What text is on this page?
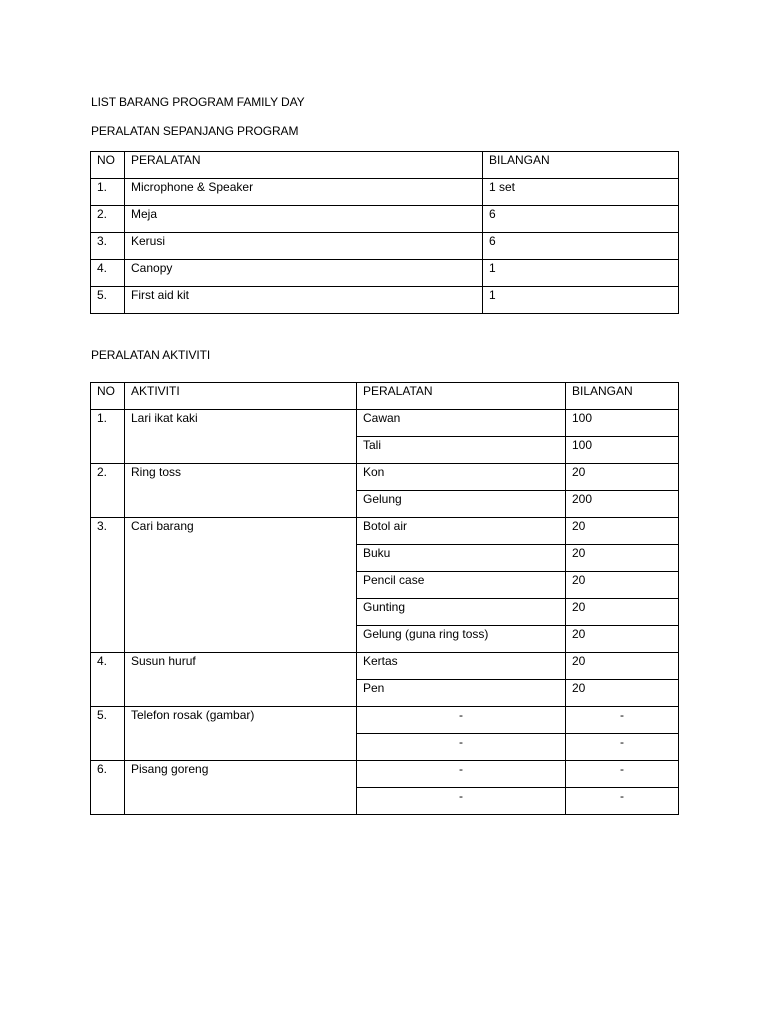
LIST BARANG PROGRAM FAMILY DAY
PERALATAN SEPANJANG PROGRAM
NO	PERALATAN	BILANGAN
1.	Microphone & Speaker	1 set
2.	Meja	6
3.	Kerusi	6
4.	Canopy	1
5.	First aid kit	1
PERALATAN AKTIVITI
NO	AKTIVITI	PERALATAN	BILANGAN
1.	Lari ikat kaki	Cawan	100
		Tali	100
2.	Ring toss	Kon	20
		Gelung	200
3.	Cari barang	Botol air	20
		Buku	20
		Pencil case	20
		Gunting	20
		Gelung (guna ring toss)	20
4.	Susun huruf	Kertas	20
		Pen	20
5.	Telefon rosak (gambar)	-	-
		-	-
6.	Pisang goreng	-	-
		-	-
